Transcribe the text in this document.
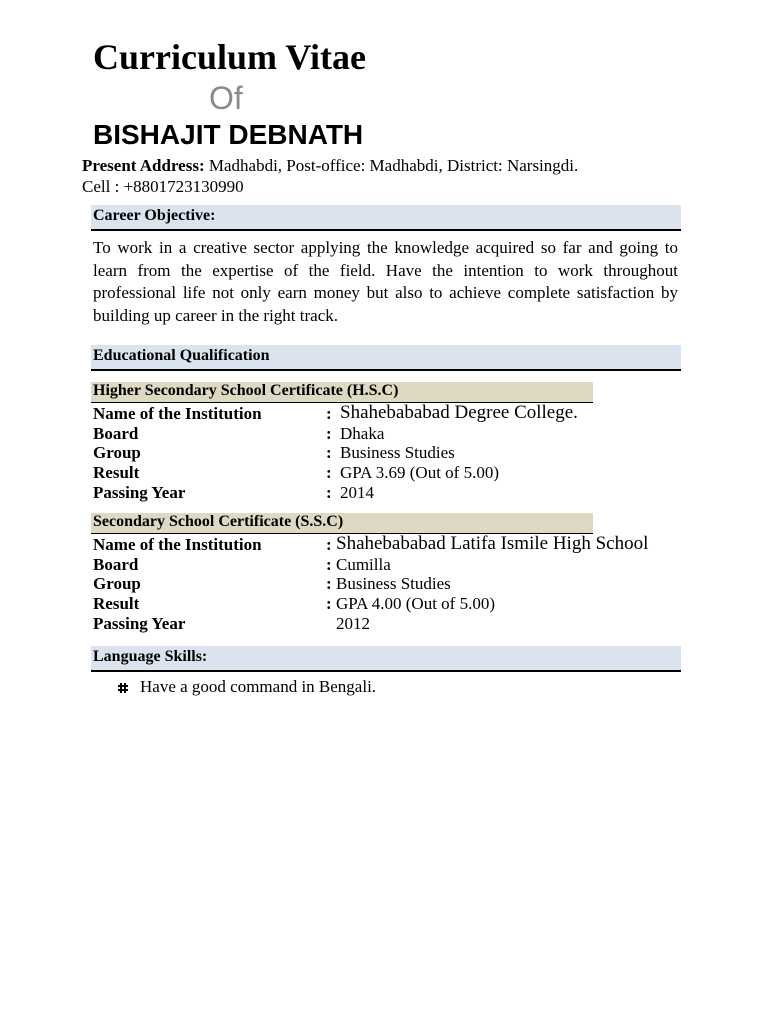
Curriculum Vitae
Of
BISHAJIT DEBNATH
Present Address: Madhabdi, Post-office: Madhabdi, District: Narsingdi.
Cell : +8801723130990
Career Objective:
To work in a creative sector applying the knowledge acquired so far and going to learn from the expertise of the field. Have the intention to work throughout professional life not only earn money but also to achieve complete satisfaction by building up career in the right track.
Educational Qualification
Higher Secondary School Certificate (H.S.C)
Name of the Institution	: Shahebababad Degree College.
Board	: Dhaka
Group	: Business Studies
Result	: GPA 3.69 (Out of 5.00)
Passing Year	: 2014
Secondary School Certificate (S.S.C)
Name of the Institution	: Shahebababad Latifa Ismile High School
Board	: Cumilla
Group	: Business Studies
Result	: GPA 4.00 (Out of 5.00)
Passing Year	2012
Language Skills:
Have a good command in Bengali.
